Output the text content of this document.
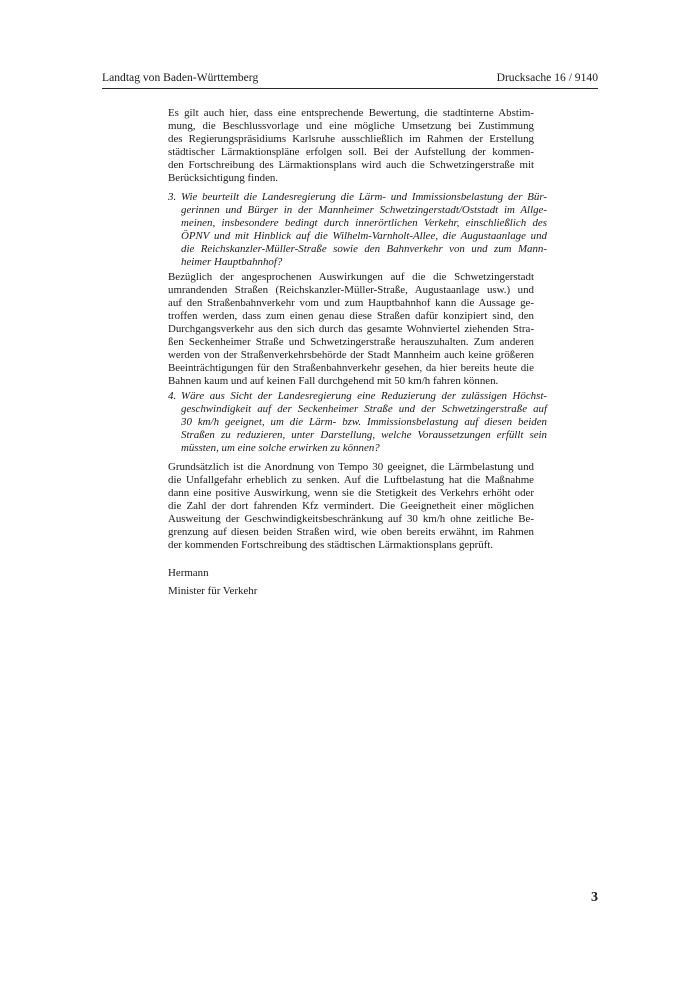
Landtag von Baden-Württemberg	Drucksache 16 / 9140
Es gilt auch hier, dass eine entsprechende Bewertung, die stadtinterne Abstim-
mung, die Beschlussvorlage und eine mögliche Umsetzung bei Zustimmung
des Regierungspräsidiums Karlsruhe ausschließlich im Rahmen der Erstellung
städtischer Lärmaktionspläne erfolgen soll. Bei der Aufstellung der kommen-
den Fortschreibung des Lärmaktionsplans wird auch die Schwetzingerstraße mit
Berücksichtigung finden.
3. Wie beurteilt die Landesregierung die Lärm- und Immissionsbelastung der Bür-
gerinnen und Bürger in der Mannheimer Schwetzingerstadt/Oststadt im Allge-
meinen, insbesondere bedingt durch innerörtlichen Verkehr, einschließlich des
ÖPNV und mit Hinblick auf die Wilhelm-Varnholt-Allee, die Augustaanlage und
die Reichskanzler-Müller-Straße sowie den Bahnverkehr von und zum Mann-
heimer Hauptbahnhof?
Bezüglich der angesprochenen Auswirkungen auf die die Schwetzingerstadt
umrandenden Straßen (Reichskanzler-Müller-Straße, Augustaanlage usw.) und
auf den Straßenbahnverkehr vom und zum Hauptbahnhof kann die Aussage ge-
troffen werden, dass zum einen genau diese Straßen dafür konzipiert sind, den
Durchgangsverkehr aus den sich durch das gesamte Wohnviertel ziehenden Stra-
ßen Seckenheimer Straße und Schwetzingerstraße herauszuhalten. Zum anderen
werden von der Straßenverkehrsbehörde der Stadt Mannheim auch keine größeren
Beeinträchtigungen für den Straßenbahnverkehr gesehen, da hier bereits heute die
Bahnen kaum und auf keinen Fall durchgehend mit 50 km/h fahren können.
4. Wäre aus Sicht der Landesregierung eine Reduzierung der zulässigen Höchst-
geschwindigkeit auf der Seckenheimer Straße und der Schwetzingerstraße auf
30 km/h geeignet, um die Lärm- bzw. Immissionsbelastung auf diesen beiden
Straßen zu reduzieren, unter Darstellung, welche Voraussetzungen erfüllt sein
müssten, um eine solche erwirken zu können?
Grundsätzlich ist die Anordnung von Tempo 30 geeignet, die Lärmbelastung und
die Unfallgefahr erheblich zu senken. Auf die Luftbelastung hat die Maßnahme
dann eine positive Auswirkung, wenn sie die Stetigkeit des Verkehrs erhöht oder
die Zahl der dort fahrenden Kfz vermindert. Die Geeignetheit einer möglichen
Ausweitung der Geschwindigkeitsbeschränkung auf 30 km/h ohne zeitliche Be-
grenzung auf diesen beiden Straßen wird, wie oben bereits erwähnt, im Rahmen
der kommenden Fortschreibung des städtischen Lärmaktionsplans geprüft.
Hermann
Minister für Verkehr
3
